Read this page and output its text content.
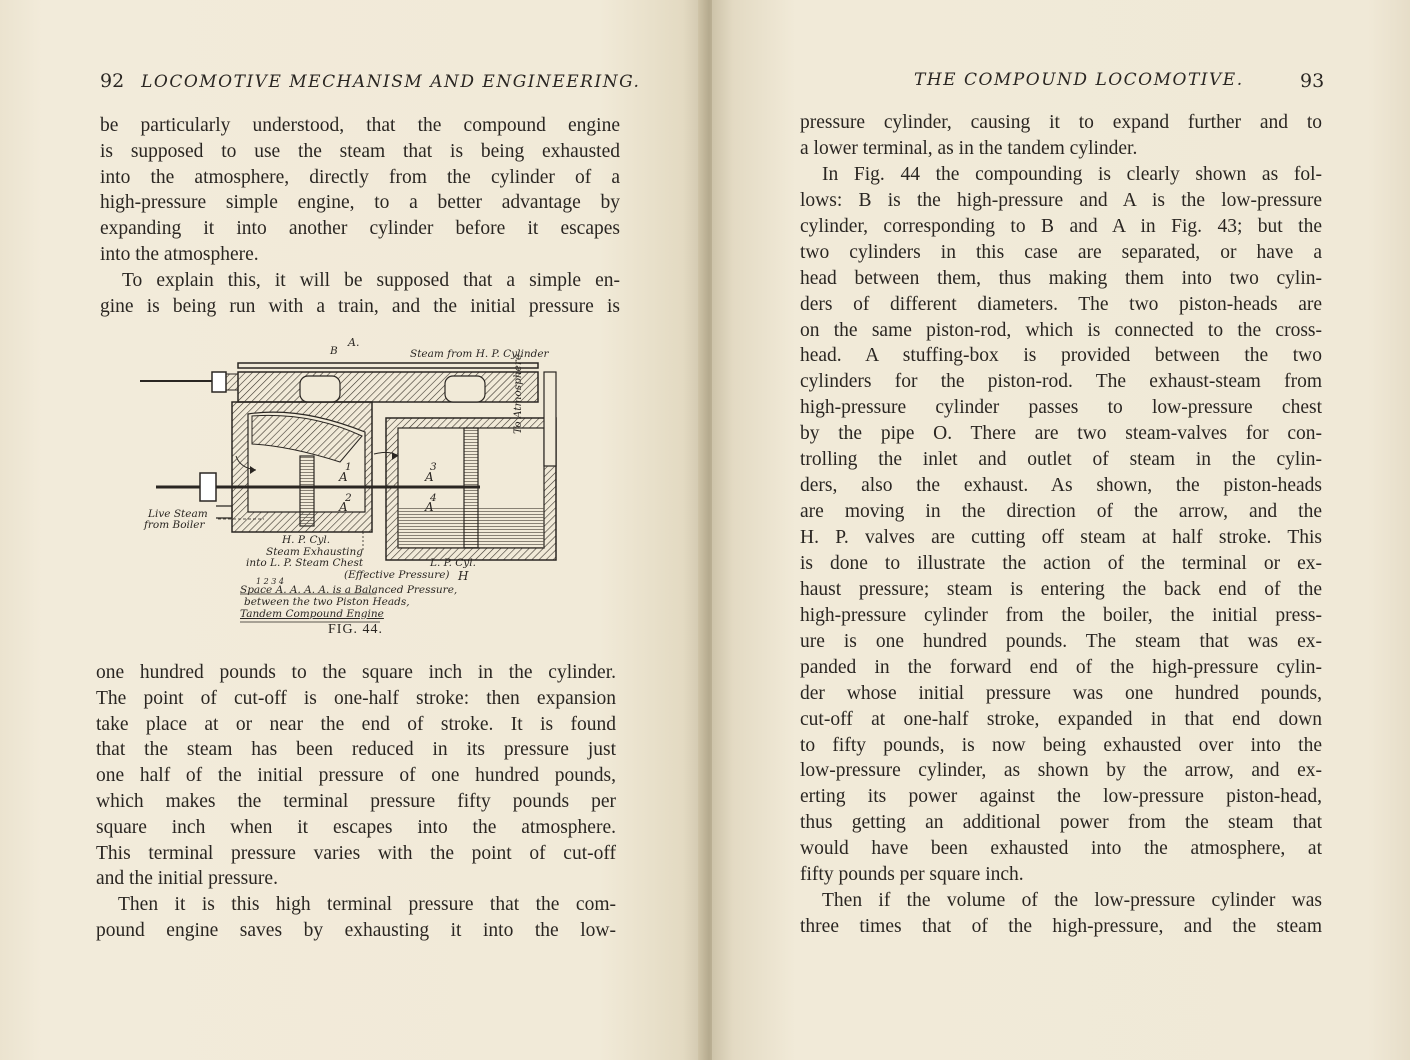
92 LOCOMOTIVE MECHANISM AND ENGINEERING.
be particularly understood, that the compound engine
is supposed to use the steam that is being exhausted
into the atmosphere, directly from the cylinder of a
high-pressure simple engine, to a better advantage by
expanding it into another cylinder before it escapes
into the atmosphere.
To explain this, it will be supposed that a simple en-
gine is being run with a train, and the initial pressure is
A.
B	Steam from H. P. Cylinder
To Atmosphere
1
A
3
A
2
A
4
A
Live Steam
from Boiler
H. P. Cyl.
Steam Exhausting
into L. P. Steam Chest	L. P. Cyl.
(Effective Pressure) H
1 2 3 4
Space A. A. A. A. is a Balanced Pressure,
between the two Piston Heads,
Tandem Compound Engine
FIG. 44.
one hundred pounds to the square inch in the cylinder.
The point of cut-off is one-half stroke: then expansion
take place at or near the end of stroke. It is found
that the steam has been reduced in its pressure just
one half of the initial pressure of one hundred pounds,
which makes the terminal pressure fifty pounds per
square inch when it escapes into the atmosphere.
This terminal pressure varies with the point of cut-off
and the initial pressure.
Then it is this high terminal pressure that the com-
pound engine saves by exhausting it into the low-
THE COMPOUND LOCOMOTIVE.	93
pressure cylinder, causing it to expand further and to
a lower terminal, as in the tandem cylinder.
In Fig. 44 the compounding is clearly shown as fol-
lows: B is the high-pressure and A is the low-pressure
cylinder, corresponding to B and A in Fig. 43; but the
two cylinders in this case are separated, or have a
head between them, thus making them into two cylin-
ders of different diameters. The two piston-heads are
on the same piston-rod, which is connected to the cross-
head. A stuffing-box is provided between the two
cylinders for the piston-rod. The exhaust-steam from
high-pressure cylinder passes to low-pressure chest
by the pipe O. There are two steam-valves for con-
trolling the inlet and outlet of steam in the cylin-
ders, also the exhaust. As shown, the piston-heads
are moving in the direction of the arrow, and the
H. P. valves are cutting off steam at half stroke. This
is done to illustrate the action of the terminal or ex-
haust pressure; steam is entering the back end of the
high-pressure cylinder from the boiler, the initial press-
ure is one hundred pounds. The steam that was ex-
panded in the forward end of the high-pressure cylin-
der whose initial pressure was one hundred pounds,
cut-off at one-half stroke, expanded in that end down
to fifty pounds, is now being exhausted over into the
low-pressure cylinder, as shown by the arrow, and ex-
erting its power against the low-pressure piston-head,
thus getting an additional power from the steam that
would have been exhausted into the atmosphere, at
fifty pounds per square inch.
Then if the volume of the low-pressure cylinder was
three times that of the high-pressure, and the steam
